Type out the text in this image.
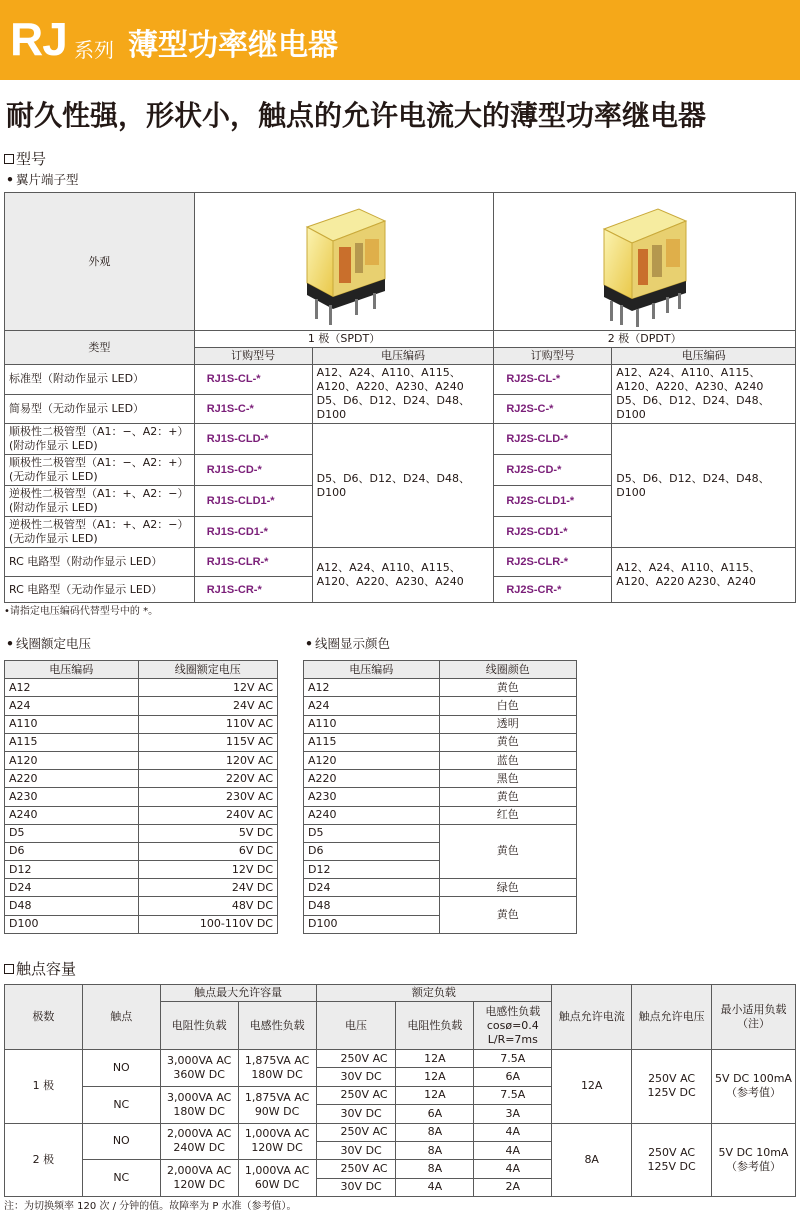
RJ 系列 薄型功率继电器
耐久性强，形状小，触点的允许电流大的薄型功率继电器
型号
• 翼片端子型
外观	

类型	1 极（SPDT）		2 极（DPDT）	
	订购型号	电压编码	订购型号	电压编码
标准型（附动作显示 LED）	RJ1S-CL-*	A12、A24、A110、A115、A120、A220、A230、A240 D5、D6、D12、D24、D48、D100	RJ2S-CL-*	A12、A24、A110、A115、A120、A220、A230、A240 D5、D6、D12、D24、D48、D100
简易型（无动作显示 LED）	RJ1S-C-*		RJ2S-C-*	
顺极性二极管型（A1：−、A2：+）(附动作显示 LED)	RJ1S-CLD-*	D5、D6、D12、D24、D48、D100	RJ2S-CLD-*	D5、D6、D12、D24、D48、D100
顺极性二极管型（A1：−、A2：+）(无动作显示 LED)	RJ1S-CD-*		RJ2S-CD-*	
逆极性二极管型（A1：+、A2：−）(附动作显示 LED)	RJ1S-CLD1-*		RJ2S-CLD1-*	
逆极性二极管型（A1：+、A2：−）(无动作显示 LED)	RJ1S-CD1-*		RJ2S-CD1-*	
RC 电路型（附动作显示 LED）	RJ1S-CLR-*	A12、A24、A110、A115、A120、A220、A230、A240	RJ2S-CLR-*	A12、A24、A110、A115、A120、A220 A230、A240
RC 电路型（无动作显示 LED）	RJ1S-CR-*		RJ2S-CR-*	
•请指定电压编码代替型号中的 *。
• 线圈额定电压	• 线圈显示颜色
电压编码	线圈额定电压
A12	12V AC
A24	24V AC
A110	110V AC
A115	115V AC
A120	120V AC
A220	220V AC
A230	230V AC
A240	240V AC
D5	5V DC
D6	6V DC
D12	12V DC
D24	24V DC
D48	48V DC
D100	100-110V DC
电压编码	线圈颜色
A12	黄色
A24	白色
A110	透明
A115	黄色
A120	蓝色
A220	黑色
A230	黄色
A240	红色
D5	黄色
D6	
D12	
D24	绿色
D48	黄色
D100	
触点容量
极数	触点	触点最大允许容量		额定负载			触点允许电流	触点允许电压	最小适用负载（注）
		电阻性负载	电感性负载	电压	电阻性负载	电感性负载 cosø=0.4 L/R=7ms			
1 极	NO	3,000VA AC 360W DC	1,875VA AC 180W DC	250V AC	12A	7.5A	12A	250V AC 125V DC	5V DC 100mA （参考值）
				30V DC	12A	6A			
	NC	3,000VA AC 180W DC	1,875VA AC 90W DC	250V AC	12A	7.5A			
				30V DC	6A	3A			
2 极	NO	2,000VA AC 240W DC	1,000VA AC 120W DC	250V AC	8A	4A	8A	250V AC 125V DC	5V DC 10mA （参考值）
				30V DC	8A	4A			
	NC	2,000VA AC 120W DC	1,000VA AC 60W DC	250V AC	8A	4A			
				30V DC	4A	2A			
注：为切换频率 120 次 / 分钟的值。故障率为 P 水准（参考值）。
